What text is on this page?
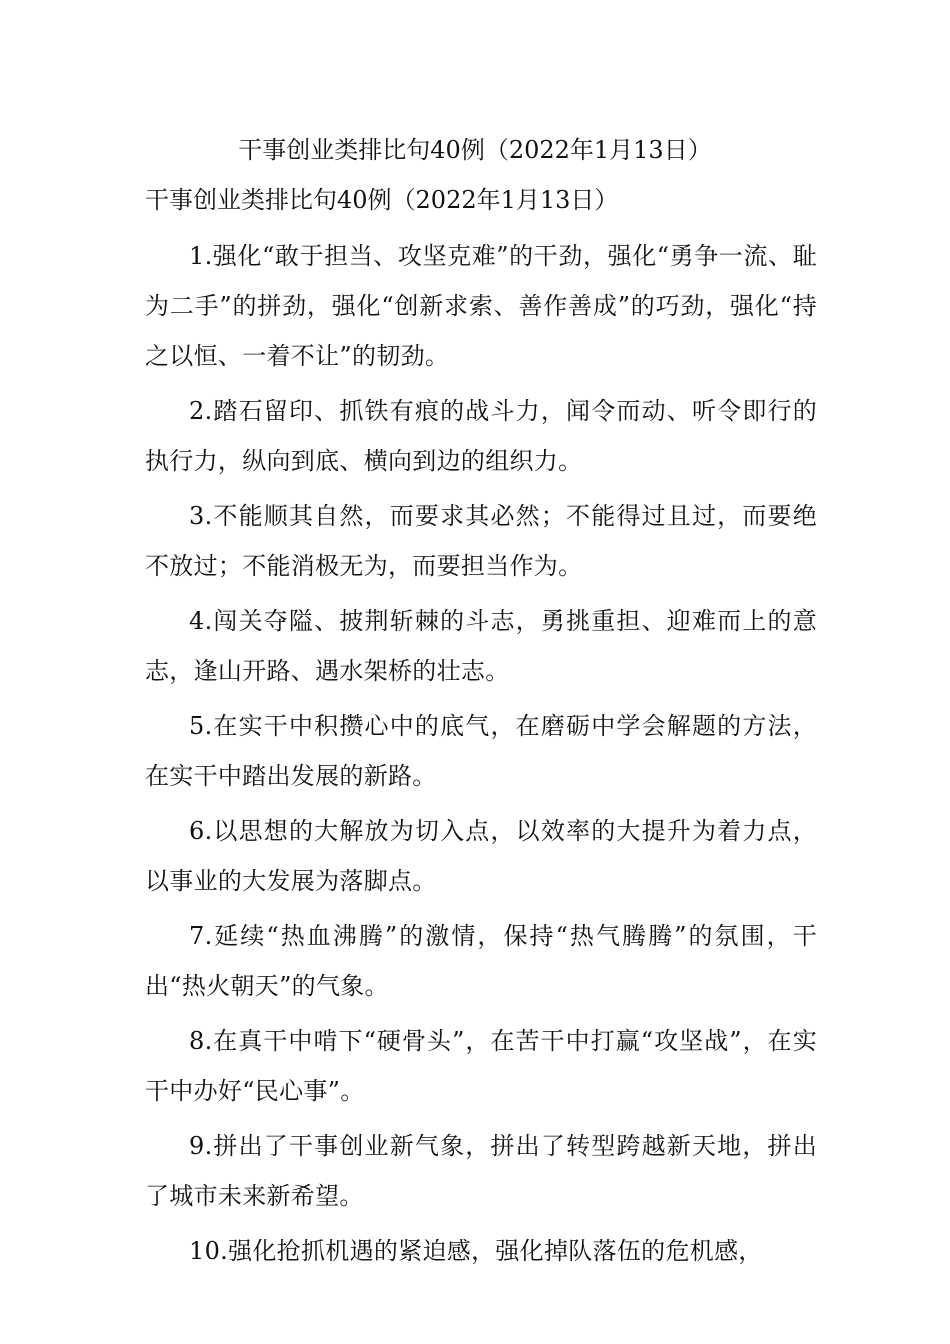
干事创业类排比句40例（2022年1月13日）

干事创业类排比句40例（2022年1月13日）

1.强化“敢于担当、攻坚克难”的干劲，强化“勇争一流、耻为二手”的拼劲，强化“创新求索、善作善成”的巧劲，强化“持之以恒、一着不让”的韧劲。

2.踏石留印、抓铁有痕的战斗力，闻令而动、听令即行的执行力，纵向到底、横向到边的组织力。

3.不能顺其自然，而要求其必然；不能得过且过，而要绝不放过；不能消极无为，而要担当作为。

4.闯关夺隘、披荆斩棘的斗志，勇挑重担、迎难而上的意志，逢山开路、遇水架桥的壮志。

5.在实干中积攒心中的底气，在磨砺中学会解题的方法，在实干中踏出发展的新路。

6.以思想的大解放为切入点，以效率的大提升为着力点，以事业的大发展为落脚点。

7.延续“热血沸腾”的激情，保持“热气腾腾”的氛围，干出“热火朝天”的气象。

8.在真干中啃下“硬骨头”，在苦干中打赢“攻坚战”，在实干中办好“民心事”。

9.拼出了干事创业新气象，拼出了转型跨越新天地，拼出了城市未来新希望。

10.强化抢抓机遇的紧迫感，强化掉队落伍的危机感，
